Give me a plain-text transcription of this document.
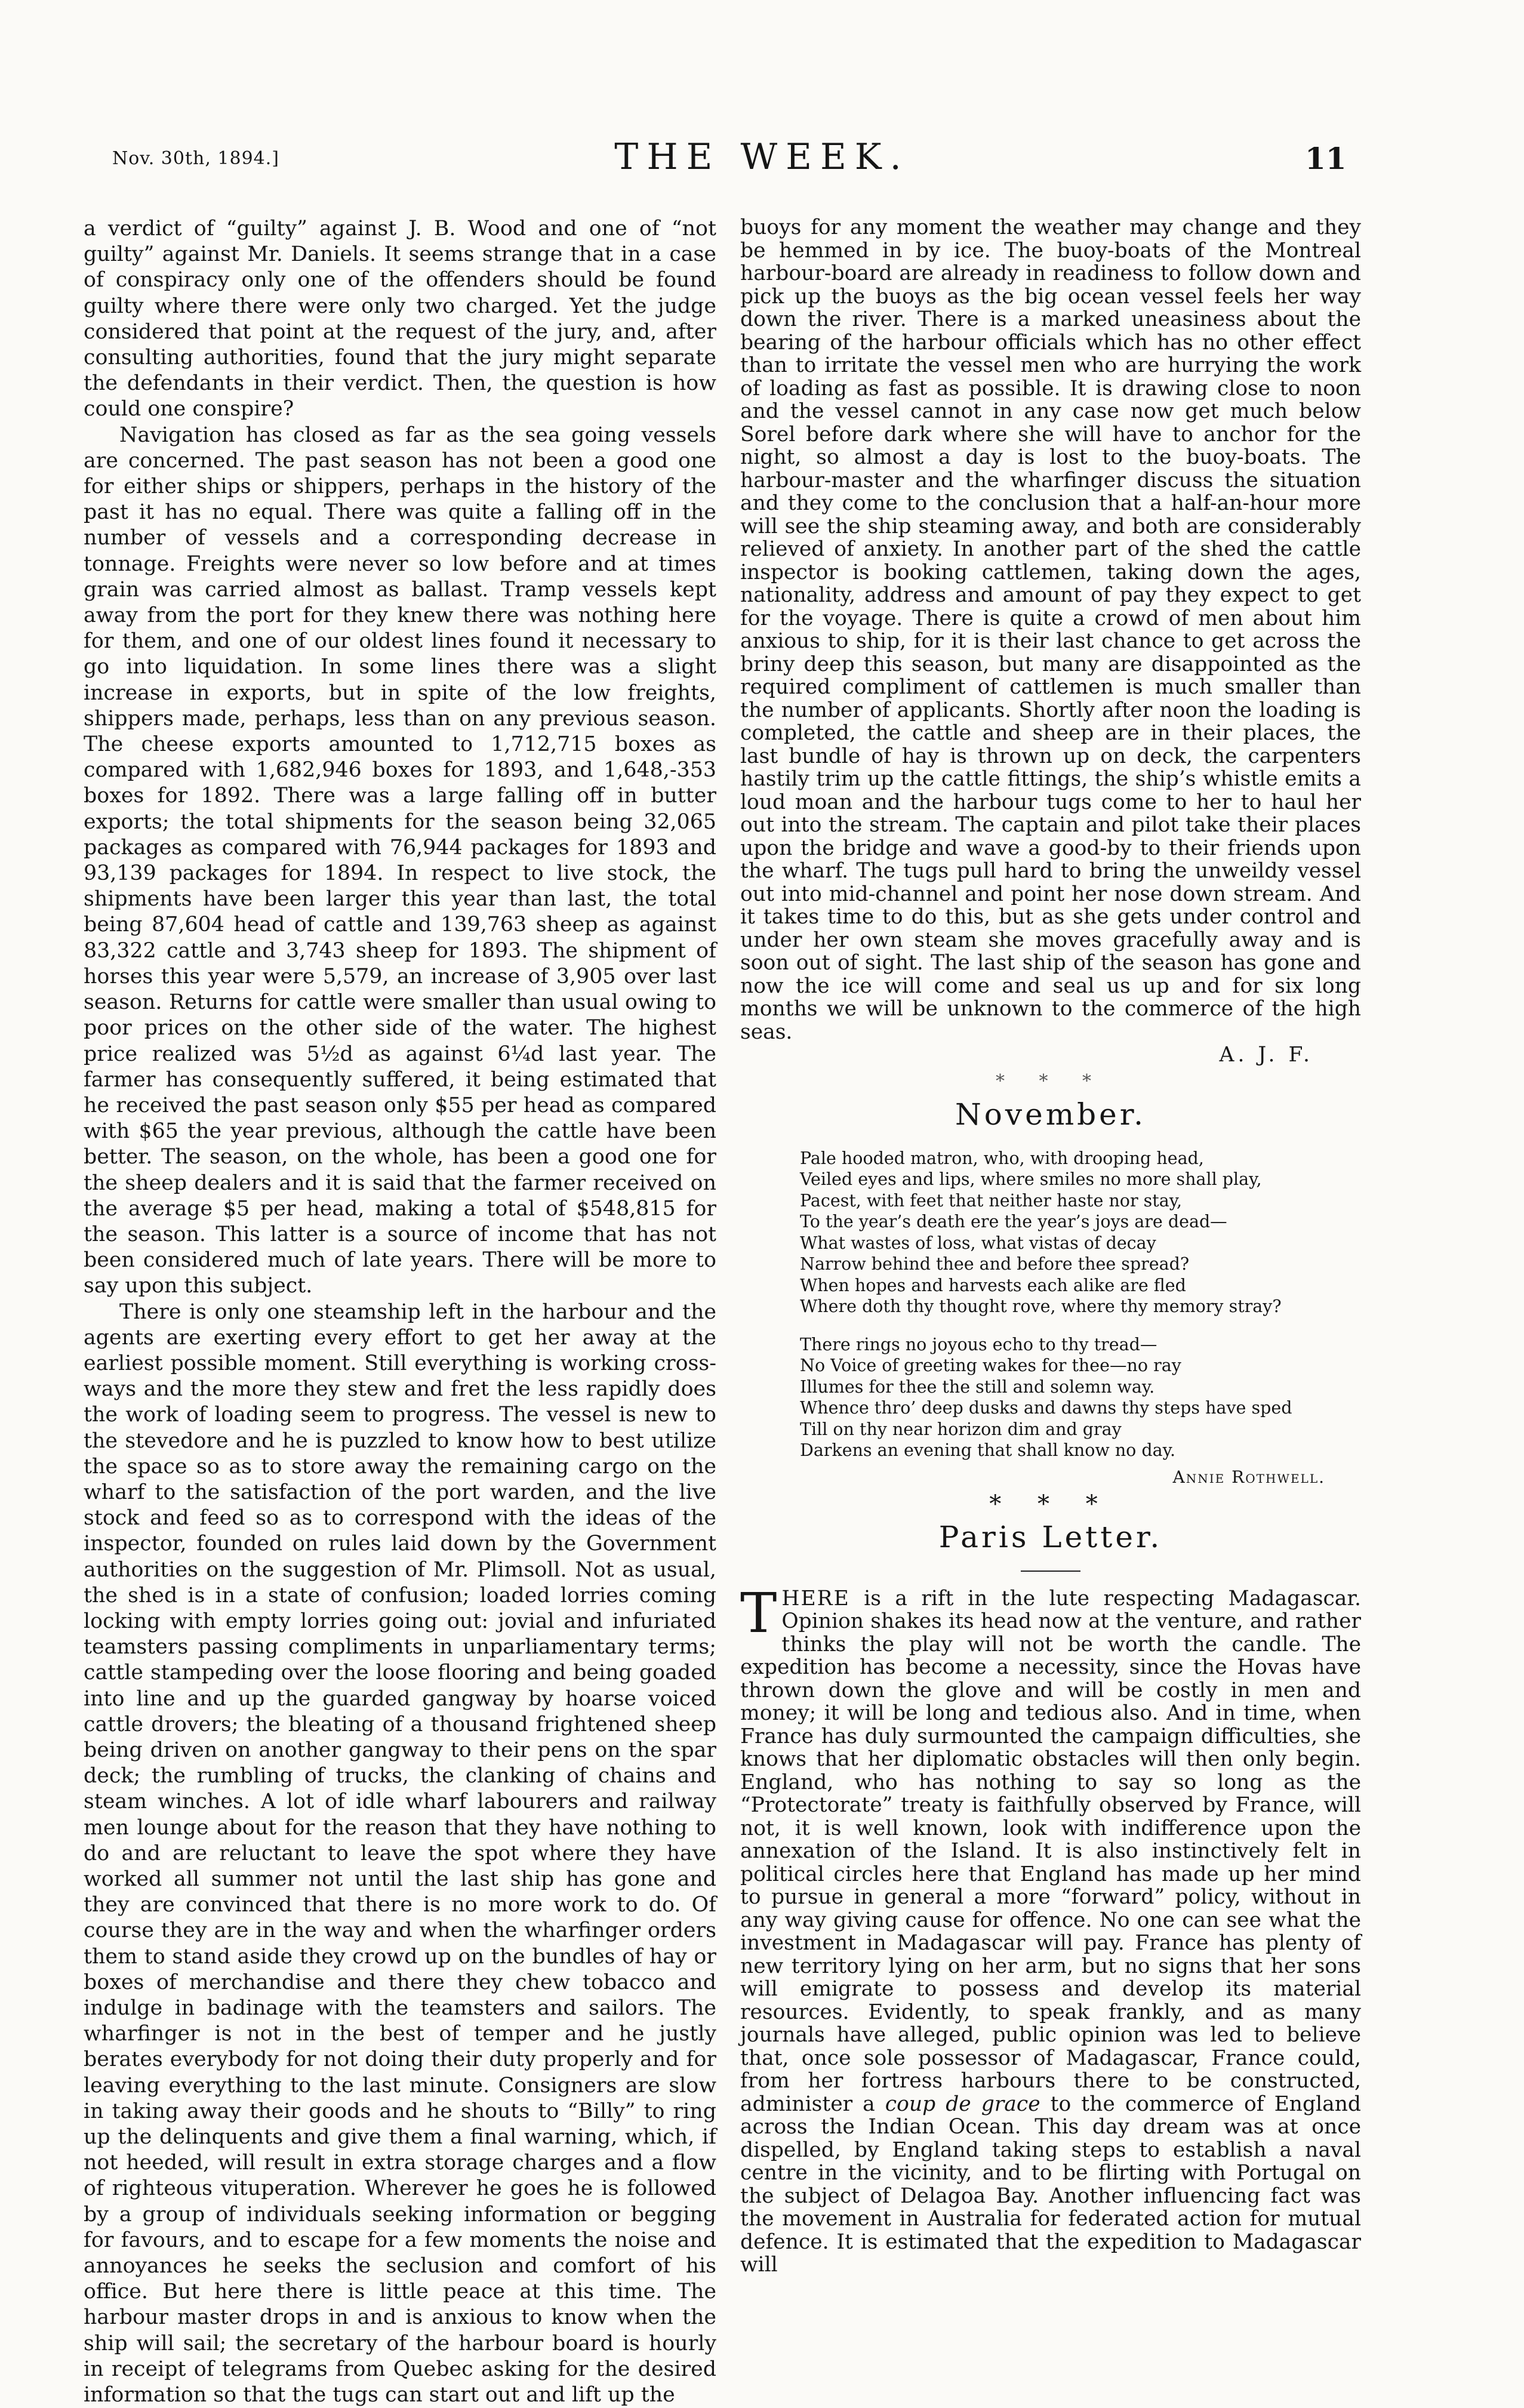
Nov. 30th, 1894.]	THE WEEK.	11

a verdict of “guilty” against J. B. Wood and one of “not guilty” against Mr. Daniels. It seems strange that in a case of conspiracy only one of the offenders should be found guilty where there were only two charged. Yet the judge considered that point at the request of the jury, and, after consulting authorities, found that the jury might separate the defendants in their verdict. Then, the question is how could one conspire?

Navigation has closed as far as the sea going vessels are concerned. The past season has not been a good one for either ships or shippers, perhaps in the history of the past it has no equal. There was quite a falling off in the number of vessels and a corresponding decrease in tonnage. Freights were never so low before and at times grain was carried almost as ballast. Tramp vessels kept away from the port for they knew there was nothing here for them, and one of our oldest lines found it necessary to go into liquidation. In some lines there was a slight increase in exports, but in spite of the low freights, shippers made, perhaps, less than on any previous season. The cheese exports amounted to 1,712,715 boxes as compared with 1,682,946 boxes for 1893, and 1,648,-353 boxes for 1892. There was a large falling off in butter exports; the total shipments for the season being 32,065 packages as compared with 76,944 packages for 1893 and 93,139 packages for 1894. In respect to live stock, the shipments have been larger this year than last, the total being 87,604 head of cattle and 139,763 sheep as against 83,322 cattle and 3,743 sheep for 1893. The shipment of horses this year were 5,579, an increase of 3,905 over last season. Returns for cattle were smaller than usual owing to poor prices on the other side of the water. The highest price realized was 5½d as against 6¼d last year. The farmer has consequently suffered, it being estimated that he received the past season only $55 per head as compared with $65 the year previous, although the cattle have been better. The season, on the whole, has been a good one for the sheep dealers and it is said that the farmer received on the average $5 per head, making a total of $548,815 for the season. This latter is a source of income that has not been considered much of late years. There will be more to say upon this subject.

There is only one steamship left in the harbour and the agents are exerting every effort to get her away at the earliest possible moment. Still everything is working cross-ways and the more they stew and fret the less rapidly does the work of loading seem to progress. The vessel is new to the stevedore and he is puzzled to know how to best utilize the space so as to store away the remaining cargo on the wharf to the satisfaction of the port warden, and the live stock and feed so as to correspond with the ideas of the inspector, founded on rules laid down by the Government authorities on the suggestion of Mr. Plimsoll. Not as usual, the shed is in a state of confusion; loaded lorries coming locking with empty lorries going out: jovial and infuriated teamsters passing compliments in unparliamentary terms; cattle stampeding over the loose flooring and being goaded into line and up the guarded gangway by hoarse voiced cattle drovers; the bleating of a thousand frightened sheep being driven on another gangway to their pens on the spar deck; the rumbling of trucks, the clanking of chains and steam winches. A lot of idle wharf labourers and railway men lounge about for the reason that they have nothing to do and are reluctant to leave the spot where they have worked all summer not until the last ship has gone and they are convinced that there is no more work to do. Of course they are in the way and when the wharfinger orders them to stand aside they crowd up on the bundles of hay or boxes of merchandise and there they chew tobacco and indulge in badinage with the teamsters and sailors. The wharfinger is not in the best of temper and he justly berates everybody for not doing their duty properly and for leaving everything to the last minute. Consigners are slow in taking away their goods and he shouts to “Billy” to ring up the delinquents and give them a final warning, which, if not heeded, will result in extra storage charges and a flow of righteous vituperation. Wherever he goes he is followed by a group of individuals seeking information or begging for favours, and to escape for a few moments the noise and annoyances he seeks the seclusion and comfort of his office. But here there is little peace at this time. The harbour master drops in and is anxious to know when the ship will sail; the secretary of the harbour board is hourly in receipt of telegrams from Quebec asking for the desired information so that the tugs can start out and lift up the

buoys for any moment the weather may change and they be hemmed in by ice. The buoy-boats of the Montreal harbour-board are already in readiness to follow down and pick up the buoys as the big ocean vessel feels her way down the river. There is a marked uneasiness about the bearing of the harbour officials which has no other effect than to irritate the vessel men who are hurrying the work of loading as fast as possible. It is drawing close to noon and the vessel cannot in any case now get much below Sorel before dark where she will have to anchor for the night, so almost a day is lost to the buoy-boats. The harbour-master and the wharfinger discuss the situation and they come to the conclusion that a half-an-hour more will see the ship steaming away, and both are considerably relieved of anxiety. In another part of the shed the cattle inspector is booking cattlemen, taking down the ages, nationality, address and amount of pay they expect to get for the voyage. There is quite a crowd of men about him anxious to ship, for it is their last chance to get across the briny deep this season, but many are disappointed as the required compliment of cattlemen is much smaller than the number of applicants. Shortly after noon the loading is completed, the cattle and sheep are in their places, the last bundle of hay is thrown up on deck, the carpenters hastily trim up the cattle fittings, the ship’s whistle emits a loud moan and the harbour tugs come to her to haul her out into the stream. The captain and pilot take their places upon the bridge and wave a good-by to their friends upon the wharf. The tugs pull hard to bring the unweildy vessel out into mid-channel and point her nose down stream. And it takes time to do this, but as she gets under control and under her own steam she moves gracefully away and is soon out of sight. The last ship of the season has gone and now the ice will come and seal us up and for six long months we will be unknown to the commerce of the high seas.

A. J. F.

* * *
November.
Pale hooded matron, who, with drooping head,
Veiled eyes and lips, where smiles no more shall play,
Pacest, with feet that neither haste nor stay,
To the year’s death ere the year’s joys are dead—
What wastes of loss, what vistas of decay
Narrow behind thee and before thee spread?
When hopes and harvests each alike are fled
Where doth thy thought rove, where thy memory stray?
There rings no joyous echo to thy tread—
No Voice of greeting wakes for thee—no ray
Illumes for thee the still and solemn way.
Whence thro’ deep dusks and dawns thy steps have sped
Till on thy near horizon dim and gray
Darkens an evening that shall know no day.
Annie Rothwell.
* * *
Paris Letter.

THERE is a rift in the lute respecting Madagascar. Opinion shakes its head now at the venture, and rather thinks the play will not be worth the candle. The expedition has become a necessity, since the Hovas have thrown down the glove and will be costly in men and money; it will be long and tedious also. And in time, when France has duly surmounted the campaign difficulties, she knows that her diplomatic obstacles will then only begin. England, who has nothing to say so long as the “Protectorate” treaty is faithfully observed by France, will not, it is well known, look with indifference upon the annexation of the Island. It is also instinctively felt in political circles here that England has made up her mind to pursue in general a more “forward” policy, without in any way giving cause for offence. No one can see what the investment in Madagascar will pay. France has plenty of new territory lying on her arm, but no signs that her sons will emigrate to possess and develop its material resources. Evidently, to speak frankly, and as many journals have alleged, public opinion was led to believe that, once sole possessor of Madagascar, France could, from her fortress harbours there to be constructed, administer a coup de grace to the commerce of England across the Indian Ocean. This day dream was at once dispelled, by England taking steps to establish a naval centre in the vicinity, and to be flirting with Portugal on the subject of Delagoa Bay. Another influencing fact was the movement in Australia for federated action for mutual defence. It is estimated that the expedition to Madagascar will
